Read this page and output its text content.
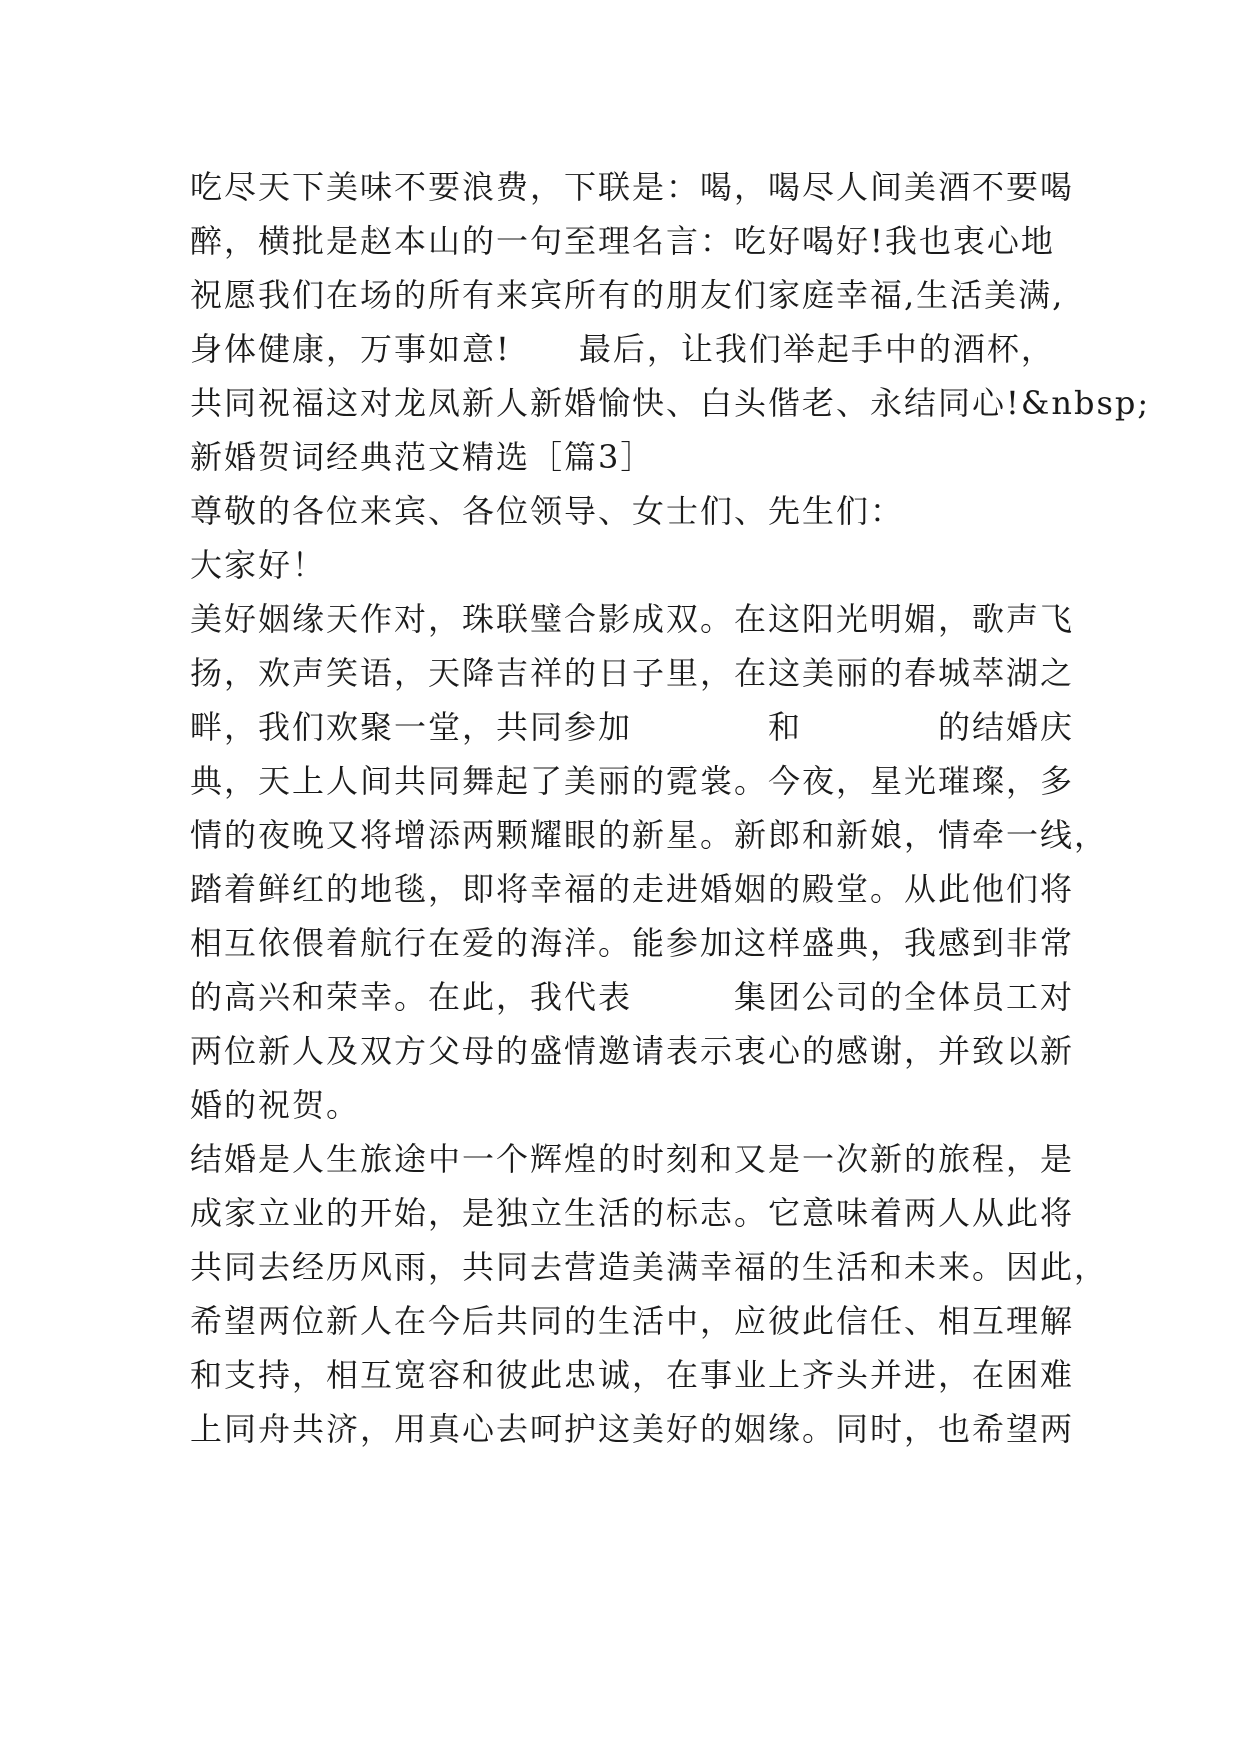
吃尽天下美味不要浪费，下联是：喝，喝尽人间美酒不要喝
醉，横批是赵本山的一句至理名言：吃好喝好!我也衷心地
祝愿我们在场的所有来宾所有的朋友们家庭幸福,生活美满,
身体健康，万事如意!　　最后，让我们举起手中的酒杯，
共同祝福这对龙凤新人新婚愉快、白头偕老、永结同心!&nbsp;
新婚贺词经典范文精选［篇3］
尊敬的各位来宾、各位领导、女士们、先生们：
大家好！
美好姻缘天作对，珠联璧合影成双。在这阳光明媚，歌声飞
扬，欢声笑语，天降吉祥的日子里，在这美丽的春城萃湖之
畔，我们欢聚一堂，共同参加　　　　和　　　　的结婚庆
典，天上人间共同舞起了美丽的霓裳。今夜，星光璀璨，多
情的夜晚又将增添两颗耀眼的新星。新郎和新娘，情牵一线，
踏着鲜红的地毯，即将幸福的走进婚姻的殿堂。从此他们将
相互依偎着航行在爱的海洋。能参加这样盛典，我感到非常
的高兴和荣幸。在此，我代表　　　集团公司的全体员工对
两位新人及双方父母的盛情邀请表示衷心的感谢，并致以新
婚的祝贺。
结婚是人生旅途中一个辉煌的时刻和又是一次新的旅程，是
成家立业的开始，是独立生活的标志。它意味着两人从此将
共同去经历风雨，共同去营造美满幸福的生活和未来。因此，
希望两位新人在今后共同的生活中，应彼此信任、相互理解
和支持，相互宽容和彼此忠诚，在事业上齐头并进，在困难
上同舟共济，用真心去呵护这美好的姻缘。同时，也希望两
